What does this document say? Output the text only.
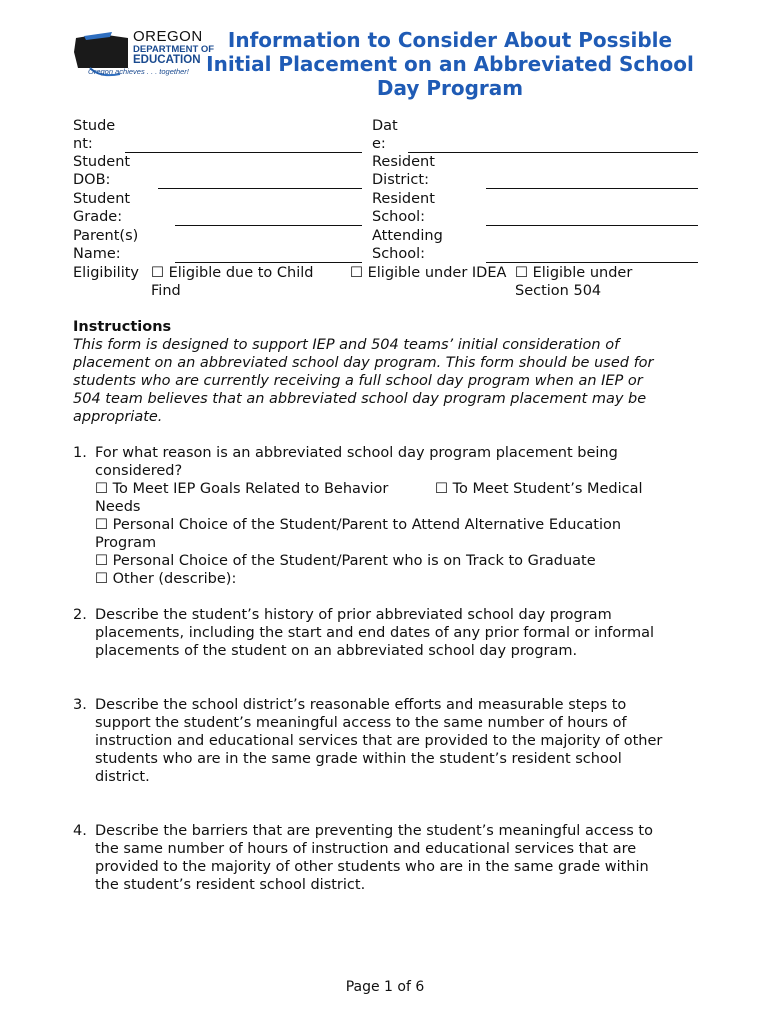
OREGON
DEPARTMENT OF
EDUCATION
Oregon achieves . . . together!
Information to Consider About Possible
Initial Placement on an Abbreviated School
Day Program
Stude
nt:
Student
DOB:
Student
Grade:
Parent(s)
Name:
Dat
e:
Resident
District:
Resident
School:
Attending
School:
Eligibility ☐ Eligible due to Child
Find
☐ Eligible under IDEA ☐ Eligible under
Section 504
Instructions
This form is designed to support IEP and 504 teams’ initial consideration of
placement on an abbreviated school day program. This form should be used for
students who are currently receiving a full school day program when an IEP or
504 team believes that an abbreviated school day program placement may be
appropriate.
1. For what reason is an abbreviated school day program placement being
considered?
☐ To Meet IEP Goals Related to Behavior	☐ To Meet Student’s Medical
Needs
☐ Personal Choice of the Student/Parent to Attend Alternative Education
Program
☐ Personal Choice of the Student/Parent who is on Track to Graduate
☐ Other (describe):
2. Describe the student’s history of prior abbreviated school day program
placements, including the start and end dates of any prior formal or informal
placements of the student on an abbreviated school day program.
3. Describe the school district’s reasonable efforts and measurable steps to
support the student’s meaningful access to the same number of hours of
instruction and educational services that are provided to the majority of other
students who are in the same grade within the student’s resident school
district.
4. Describe the barriers that are preventing the student’s meaningful access to
the same number of hours of instruction and educational services that are
provided to the majority of other students who are in the same grade within
the student’s resident school district.
Page 1 of 6
